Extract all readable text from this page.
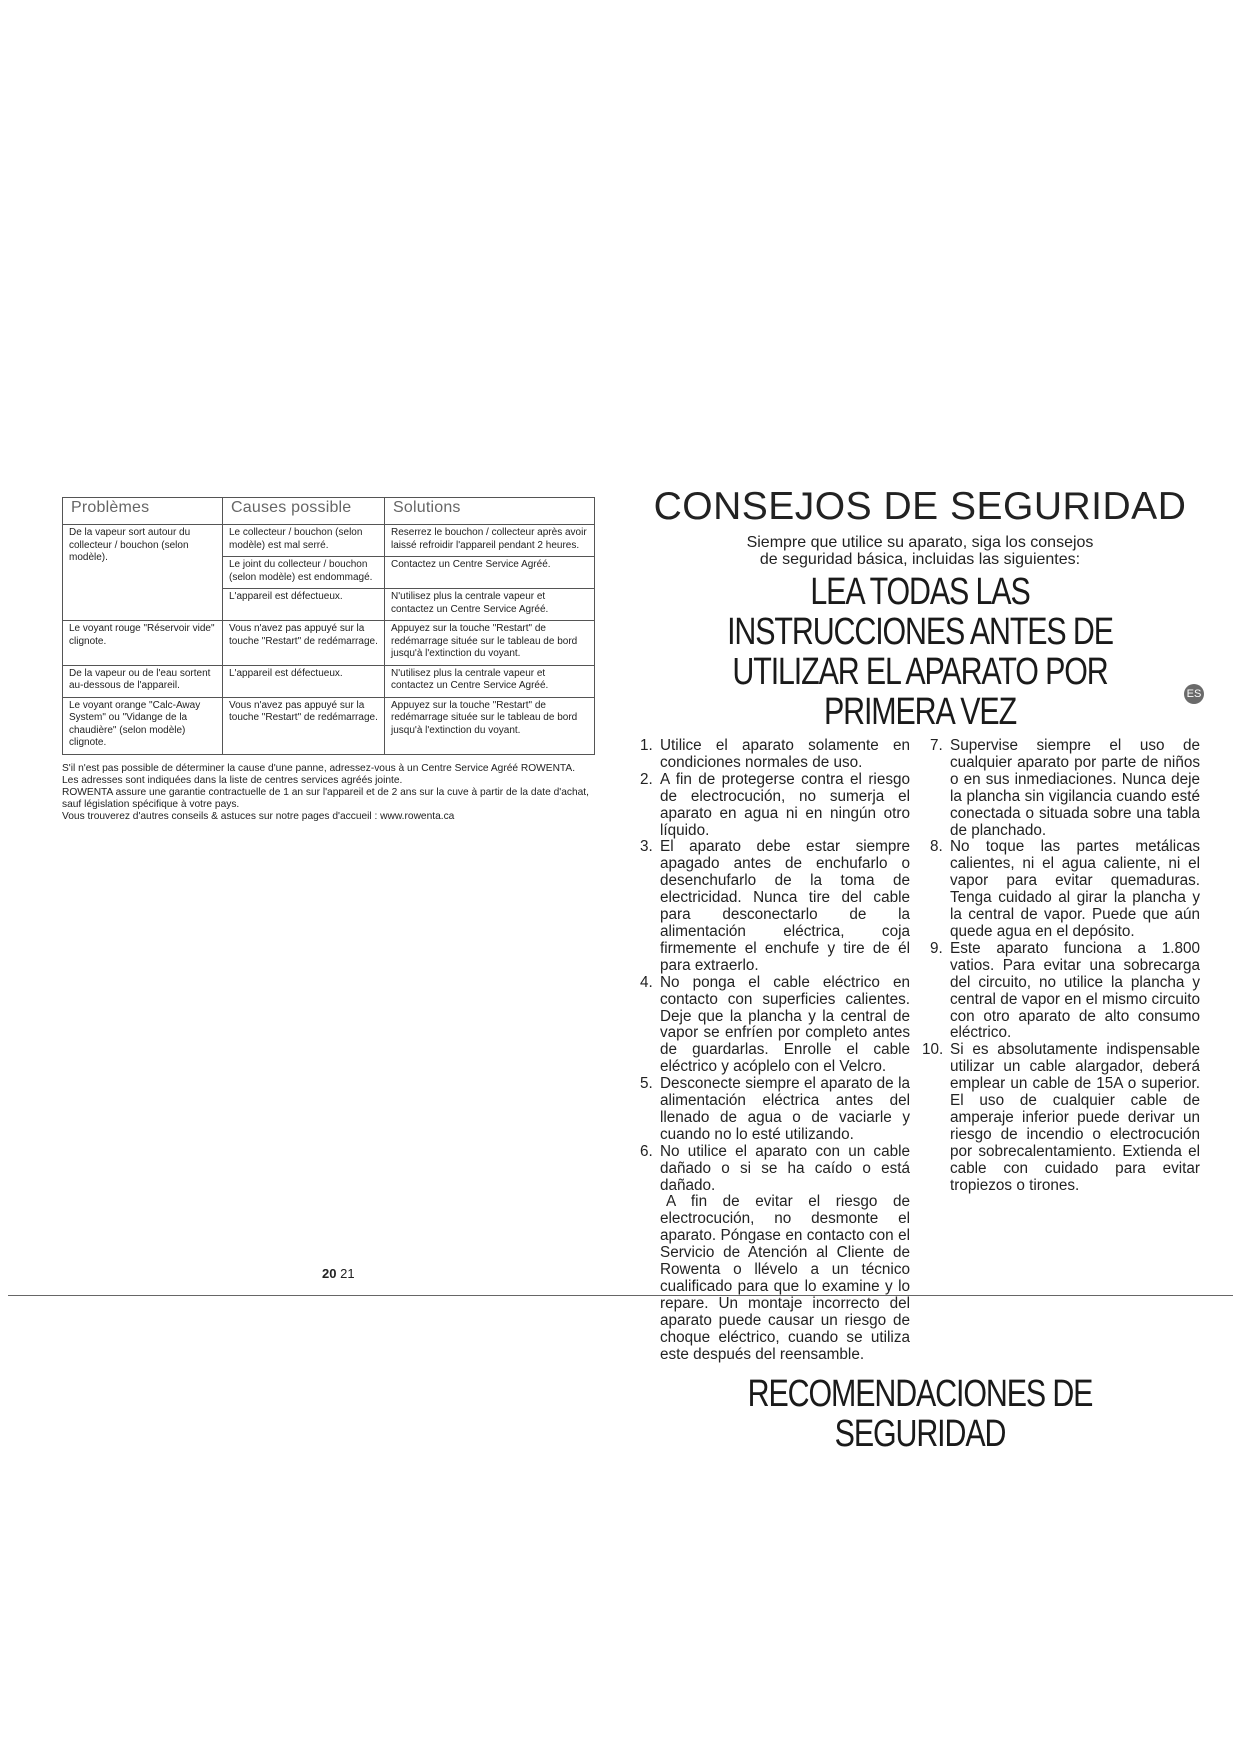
Problèmes	Causes possible	Solutions
De la vapeur sort autour du collecteur / bouchon (selon modèle).	Le collecteur / bouchon (selon modèle) est mal serré.	Reserrez le bouchon / collecteur après avoir laissé refroidir l'appareil pendant 2 heures.
	Le joint du collecteur / bouchon (selon modèle) est endommagé.	Contactez un Centre Service Agréé.
	L'appareil est défectueux.	N'utilisez plus la centrale vapeur et contactez un Centre Service Agréé.
Le voyant rouge "Réservoir vide" clignote.	Vous n'avez pas appuyé sur la touche "Restart" de redémarrage.	Appuyez sur la touche "Restart" de redémarrage située sur le tableau de bord jusqu'à l'extinction du voyant.
De la vapeur ou de l'eau sortent au-dessous de l'appareil.	L'appareil est défectueux.	N'utilisez plus la centrale vapeur et contactez un Centre Service Agréé.
Le voyant orange "Calc-Away System" ou "Vidange de la chaudière" (selon modèle) clignote.	Vous n'avez pas appuyé sur la touche "Restart" de redémarrage.	Appuyez sur la touche "Restart" de redémarrage située sur le tableau de bord jusqu'à l'extinction du voyant.

S'il n'est pas possible de déterminer la cause d'une panne, adressez-vous à un Centre Service Agréé ROWENTA. Les adresses sont indiquées dans la liste de centres services agréés jointe.

ROWENTA assure une garantie contractuelle de 1 an sur l'appareil et de 2 ans sur la cuve à partir de la date d'achat, sauf législation spécifique à votre pays.

Vous trouverez d'autres conseils & astuces sur notre pages d'accueil : www.rowenta.ca

20 21
CONSEJOS DE SEGURIDAD
Siempre que utilice su aparato, siga los consejos
de seguridad básica, incluidas las siguientes:
LEA TODAS LAS INSTRUCCIONES ANTES DE
UTILIZAR EL APARATO POR PRIMERA VEZ
1. Utilice el aparato solamente en condiciones normales de uso.
2. A fin de protegerse contra el riesgo de electrocución, no sumerja el aparato en agua ni en ningún otro líquido.
3. El aparato debe estar siempre apagado antes de enchufarlo o desenchufarlo de la toma de electricidad. Nunca tire del cable para desconectarlo de la alimentación eléctrica, coja firmemente el enchufe y tire de él para extraerlo.
4. No ponga el cable eléctrico en contacto con superficies calientes. Deje que la plancha y la central de vapor se enfríen por completo antes de guardarlas. Enrolle el cable eléctrico y acóplelo con el Velcro.
5. Desconecte siempre el aparato de la alimentación eléctrica antes del llenado de agua o de vaciarle y cuando no lo esté utilizando.
6. No utilice el aparato con un cable dañado o si se ha caído o está dañado.
A fin de evitar el riesgo de electrocución, no desmonte el aparato. Póngase en contacto con el Servicio de Atención al Cliente de Rowenta o llévelo a un técnico cualificado para que lo examine y lo repare. Un montaje incorrecto del aparato puede causar un riesgo de choque eléctrico, cuando se utiliza este después del reensamble.
7. Supervise siempre el uso de cualquier aparato por parte de niños o en sus inmediaciones. Nunca deje la plancha sin vigilancia cuando esté conectada o situada sobre una tabla de planchado.
8. No toque las partes metálicas calientes, ni el agua caliente, ni el vapor para evitar quemaduras. Tenga cuidado al girar la plancha y la central de vapor. Puede que aún quede agua en el depósito.
9. Este aparato funciona a 1.800 vatios. Para evitar una sobrecarga del circuito, no utilice la plancha y central de vapor en el mismo circuito con otro aparato de alto consumo eléctrico.
10. Si es absolutamente indispensable utilizar un cable alargador, deberá emplear un cable de 15A o superior. El uso de cualquier cable de amperaje inferior puede derivar un riesgo de incendio o electrocución por sobrecalentamiento. Extienda el cable con cuidado para evitar tropiezos o tirones.
RECOMENDACIONES DE SEGURIDAD
ES
